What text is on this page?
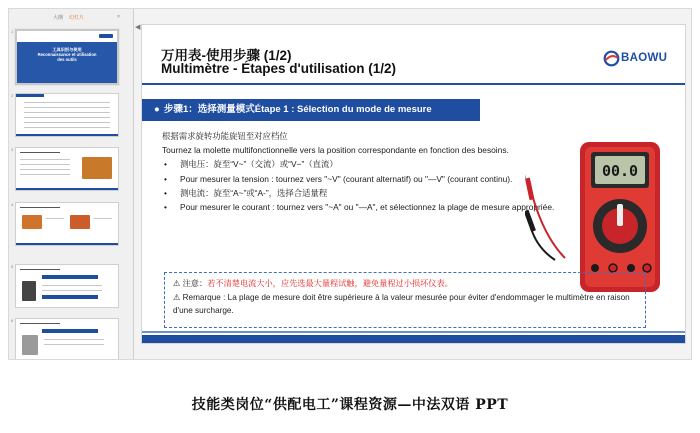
大纲 幻灯片	×
1
工具识别与使用
Reconnaissance et utilisation
des outils
2
3
4
5
6
◀
万用表-使用步骤 (1/2)
Multimètre - Étapes d'utilisation (1/2)
BAOWU
● 步骤1：选择测量模式Étape 1 : Sélection du mode de mesure

根据需求旋转功能旋钮至对应档位

Tournez la molette multifonctionnelle vers la position correspondante en fonction des besoins.

• 测电压：旋至“V~”（交流）或“V−”（直流）
• Pour mesurer la tension : tournez vers "~V" (courant alternatif) ou "—V" (courant continu).
• 测电流：旋至“A~”或“A-”，选择合适量程
• Pour mesurer le courant : tournez vers "~A" ou "—A", et sélectionnez la plage de mesure appropriée.
00.0

⚠ 注意：若不清楚电流大小，应先选最大量程试触，避免量程过小损坏仪表。

⚠ Remarque : La plage de mesure doit être supérieure à la valeur mesurée pour éviter d'endommager le multimètre en raison d'une surcharge.

技能类岗位“供配电工”课程资源—中法双语 PPT
